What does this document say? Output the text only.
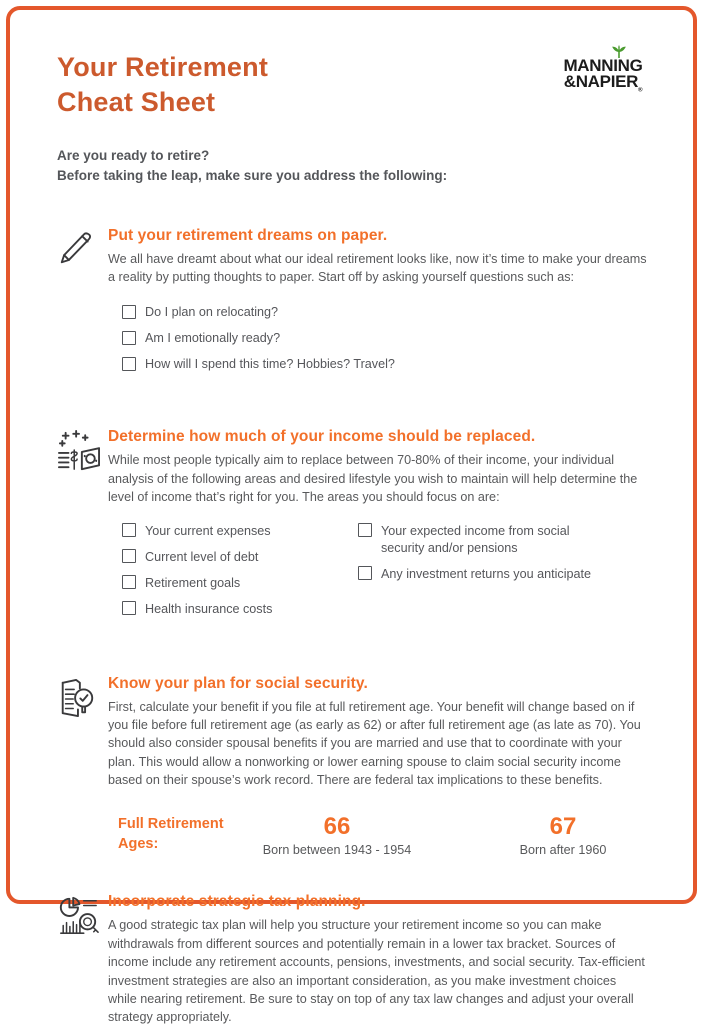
Your Retirement
Cheat Sheet
MANNING
$\&NAPIER_®$
Are you ready to retire?
Before taking the leap, make sure you address the following:
Put your retirement dreams on paper.

We all have dreamt about what our ideal retirement looks like, now it’s time to make your dreams a reality by putting thoughts to paper. Start off by asking yourself questions such as:

Do I plan on relocating?
Am I emotionally ready?
How will I spend this time? Hobbies? Travel?
Determine how much of your income should be replaced.

While most people typically aim to replace between 70-80% of their income, your individual analysis of the following areas and desired lifestyle you wish to maintain will help determine the level of income that’s right for you. The areas you should focus on are:

Your current expenses
Current level of debt
Retirement goals
Health insurance costs
Your expected income from social security and/or pensions
Any investment returns you anticipate
Know your plan for social security.

First, calculate your benefit if you file at full retirement age. Your benefit will change based on if you file before full retirement age (as early as 62) or after full retirement age (as late as 70). You should also consider spousal benefits if you are married and use that to coordinate with your plan. This would allow a nonworking or lower earning spouse to claim social security income based on their spouse’s work record. There are federal tax implications to these benefits.

Full Retirement Ages:
66
Born between 1943 - 1954
67
Born after 1960
Incorporate strategic tax planning.

A good strategic tax plan will help you structure your retirement income so you can make withdrawals from different sources and potentially remain in a lower tax bracket. Sources of income include any retirement accounts, pensions, investments, and social security. Tax-efficient investment strategies are also an important consideration, as you make investment choices while nearing retirement. Be sure to stay on top of any tax law changes and adjust your overall strategy appropriately.
